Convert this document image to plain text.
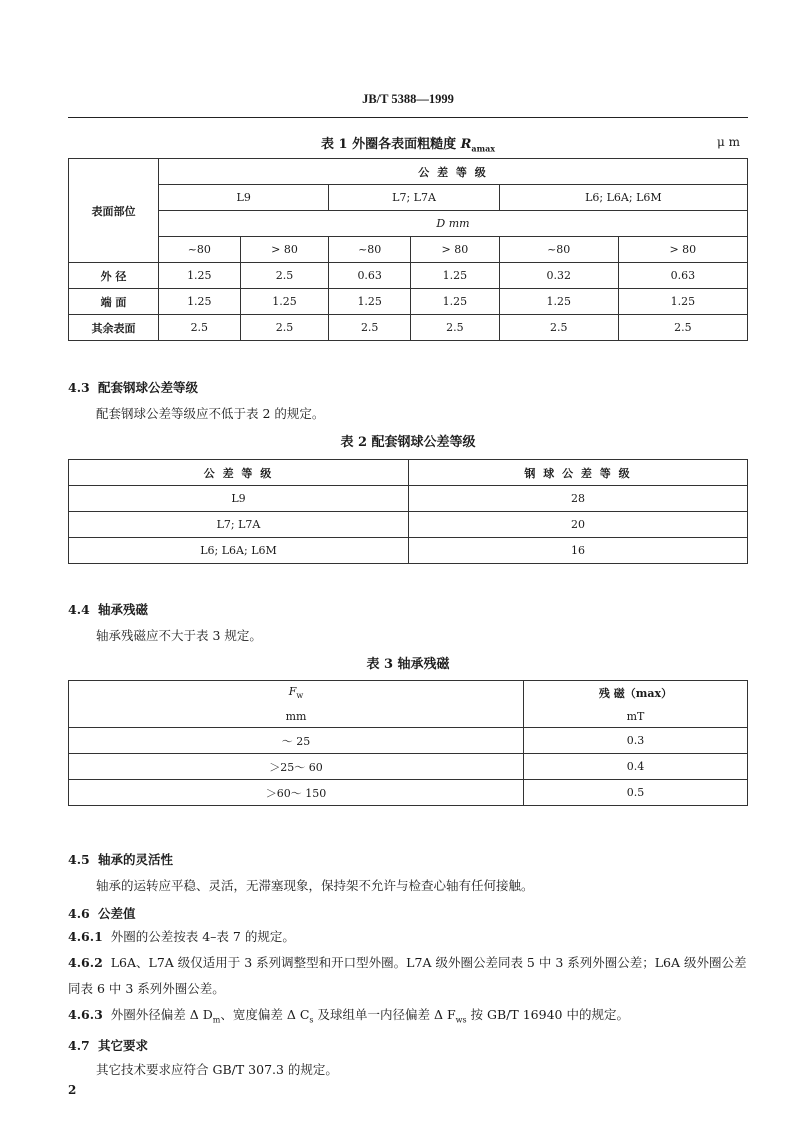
JB/T 5388—1999
表 1 外圈各表面粗糙度 $R_{amax}$	μ m
表面部位	公 差 等 级					
	L9		L7; L7A		L6; L6A; L6M	
	D mm					
	~80	> 80	~80	> 80	~80	> 80
外 径	1.25	2.5	0.63	1.25	0.32	0.63
端 面	1.25	1.25	1.25	1.25	1.25	1.25
其余表面	2.5	2.5	2.5	2.5	2.5	2.5
4.3 配套钢球公差等级
配套钢球公差等级应不低于表 2 的规定。
表 2 配套钢球公差等级
公 差 等 级	钢 球 公 差 等 级
L9	28
L7; L7A	20
L6; L6A; L6M	16
4.4 轴承残磁
轴承残磁应不大于表 3 规定。
表 3 轴承残磁
$F_w$	残 磁（max）
mm	mT
～ 25	0.3
＞25～ 60	0.4
＞60～ 150	0.5
4.5 轴承的灵活性
轴承的运转应平稳、灵活，无滞塞现象，保持架不允许与检查心轴有任何接触。
4.6 公差值
4.6.1 外圈的公差按表 4–表 7 的规定。
4.6.2 L6A、L7A 级仅适用于 3 系列调整型和开口型外圈。L7A 级外圈公差同表 5 中 3 系列外圈公差；L6A 级外圈公差同表 6 中 3 系列外圈公差。
4.6.3 外圈外径偏差 Δ $D_m$、宽度偏差 Δ $C_s$ 及球组单一内径偏差 Δ $F_{ws}$ 按 GB/T 16940 中的规定。
4.7 其它要求
其它技术要求应符合 GB/T 307.3 的规定。
2
